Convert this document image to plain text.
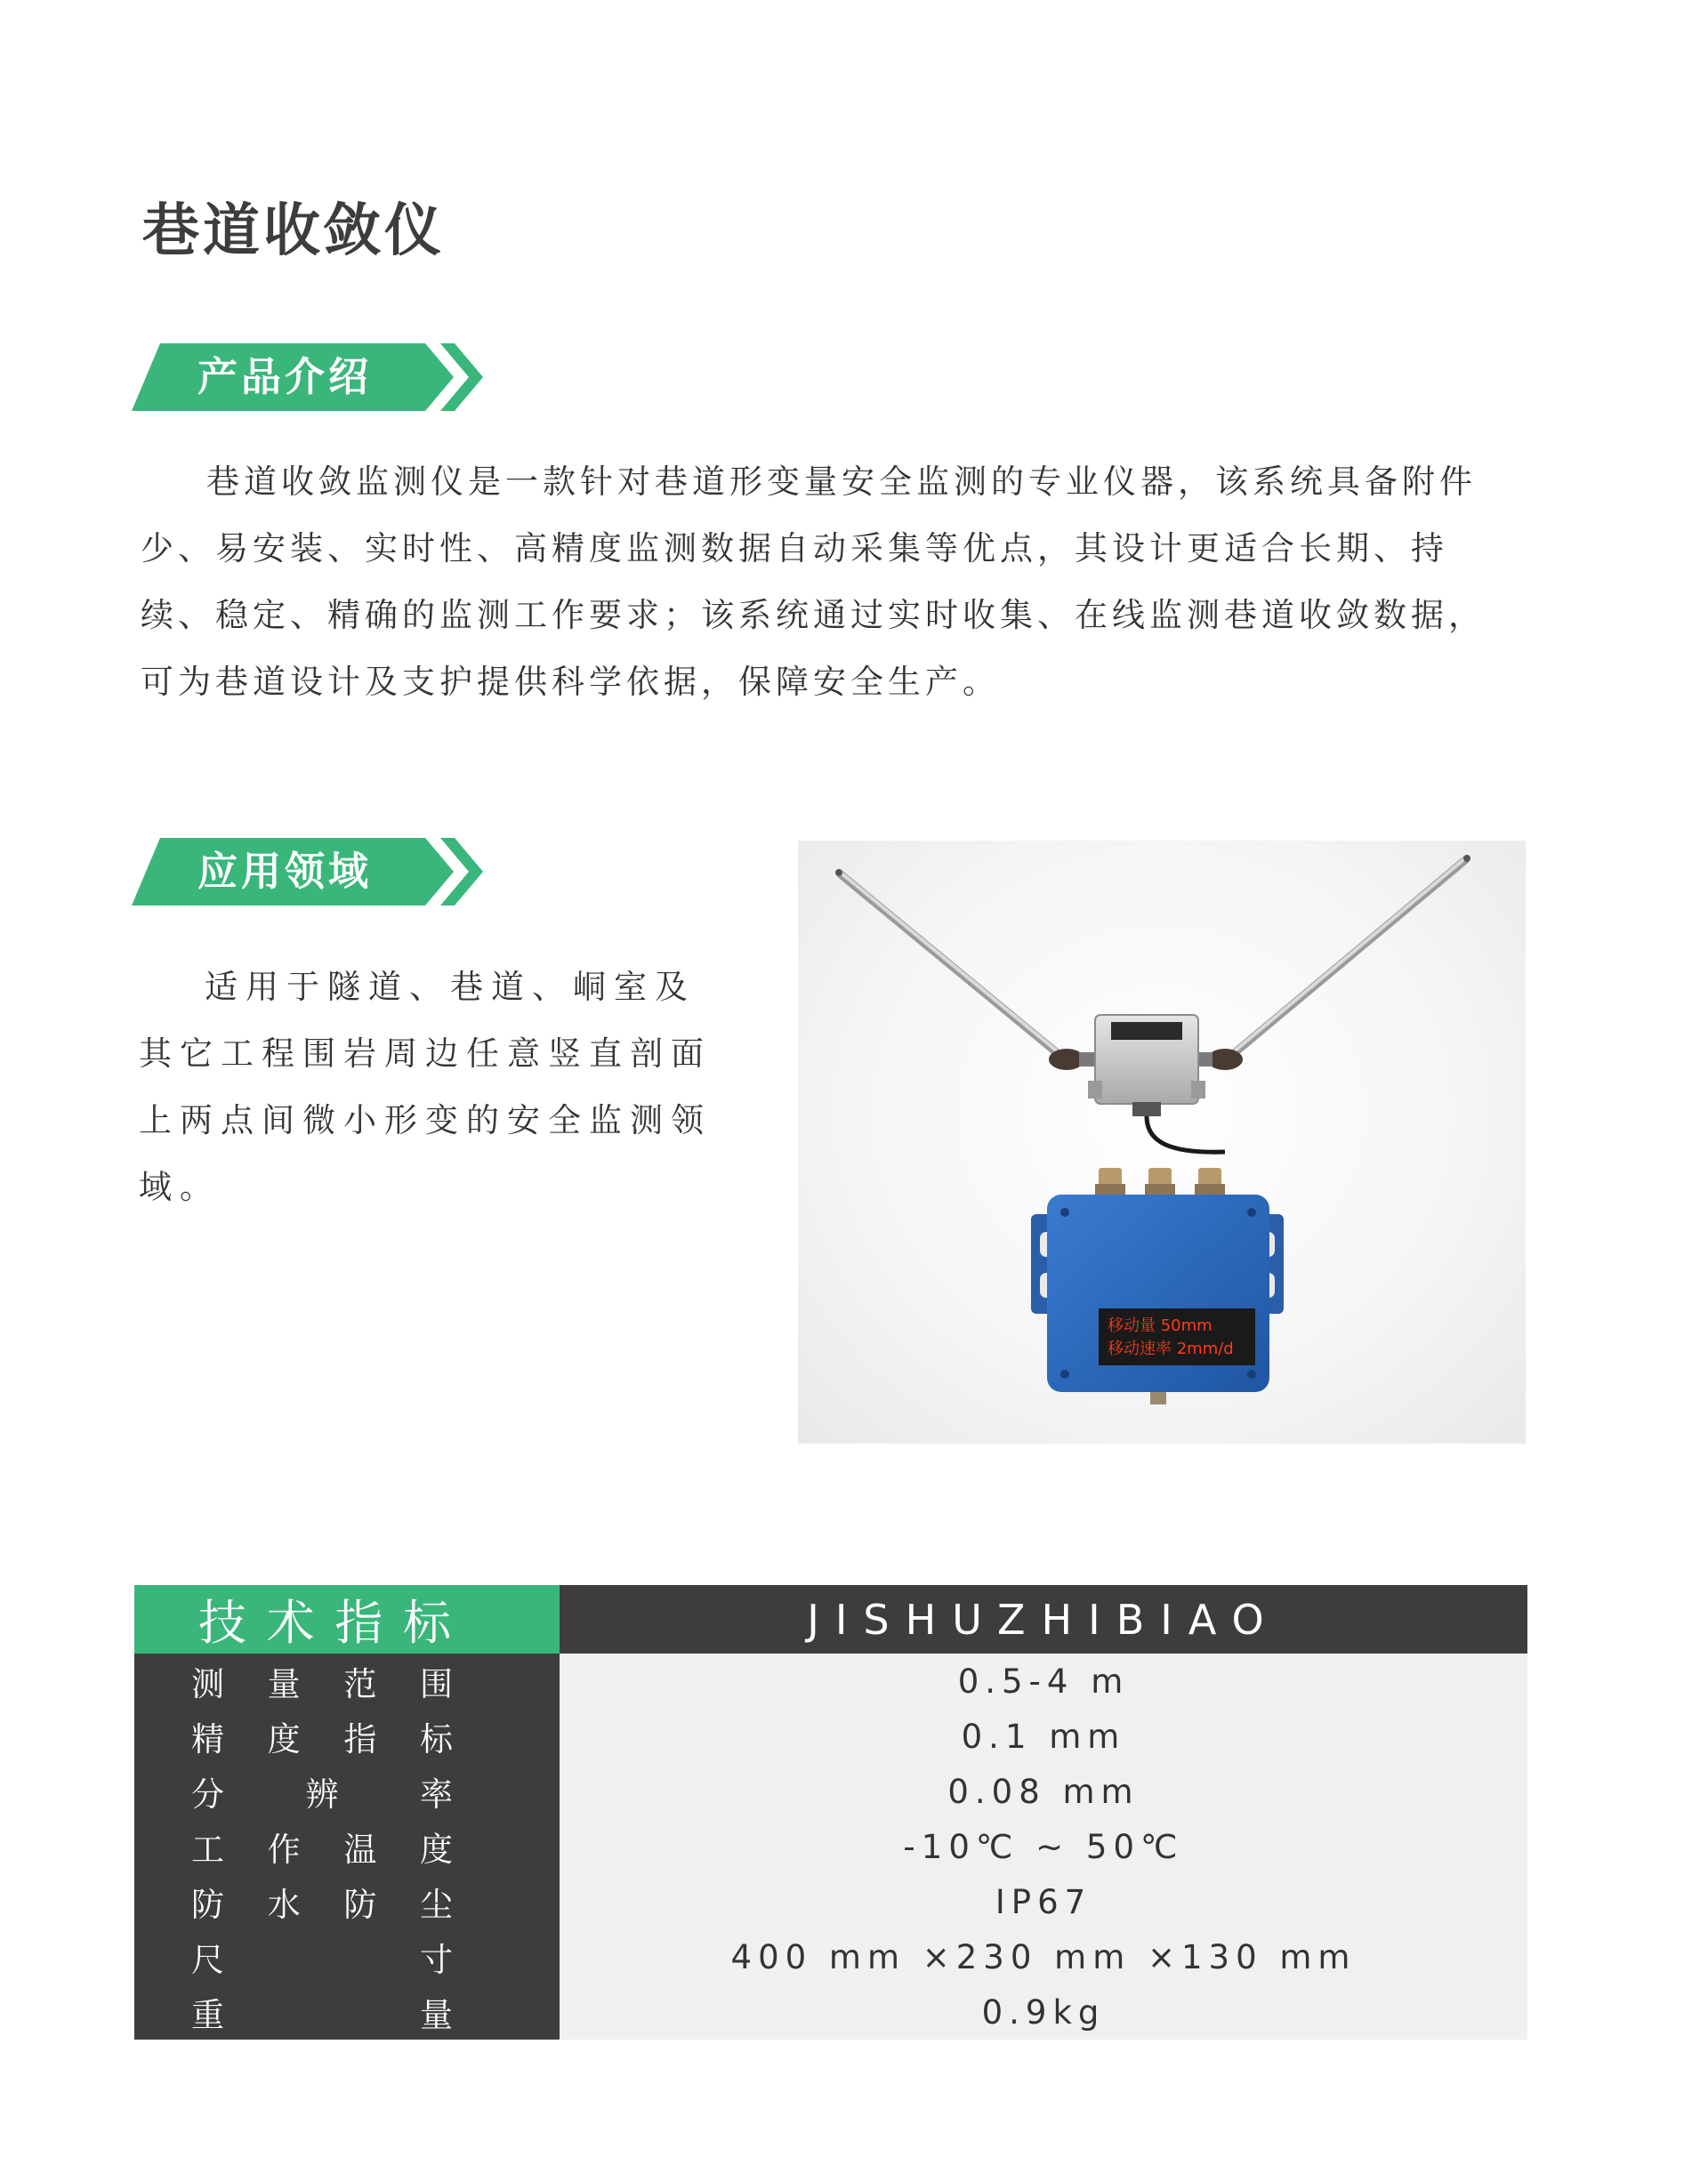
巷道收敛仪
产品介绍

巷道收敛监测仪是一款针对巷道形变量安全监测的专业仪器，该系统具备附件少、易安装、实时性、高精度监测数据自动采集等优点，其设计更适合长期、持续、稳定、精确的监测工作要求；该系统通过实时收集、在线监测巷道收敛数据，可为巷道设计及支护提供科学依据，保障安全生产。

应用领域

适用于隧道、巷道、峒室及其它工程围岩周边任意竖直剖面上两点间微小形变的安全监测领域。

移动量 50mm
移动速率 2mm/d
技 术 指 标	JISHUZHIBIAO

测 量 范 围	0.5-4 m

精 度 指 标	0.1 mm

分 辨 率	0.08 mm

工 作 温 度	-10℃ ~ 50℃

防 水 防 尘	IP67

尺 寸	400 mm ×230 mm ×130 mm

重 量	0.9kg
